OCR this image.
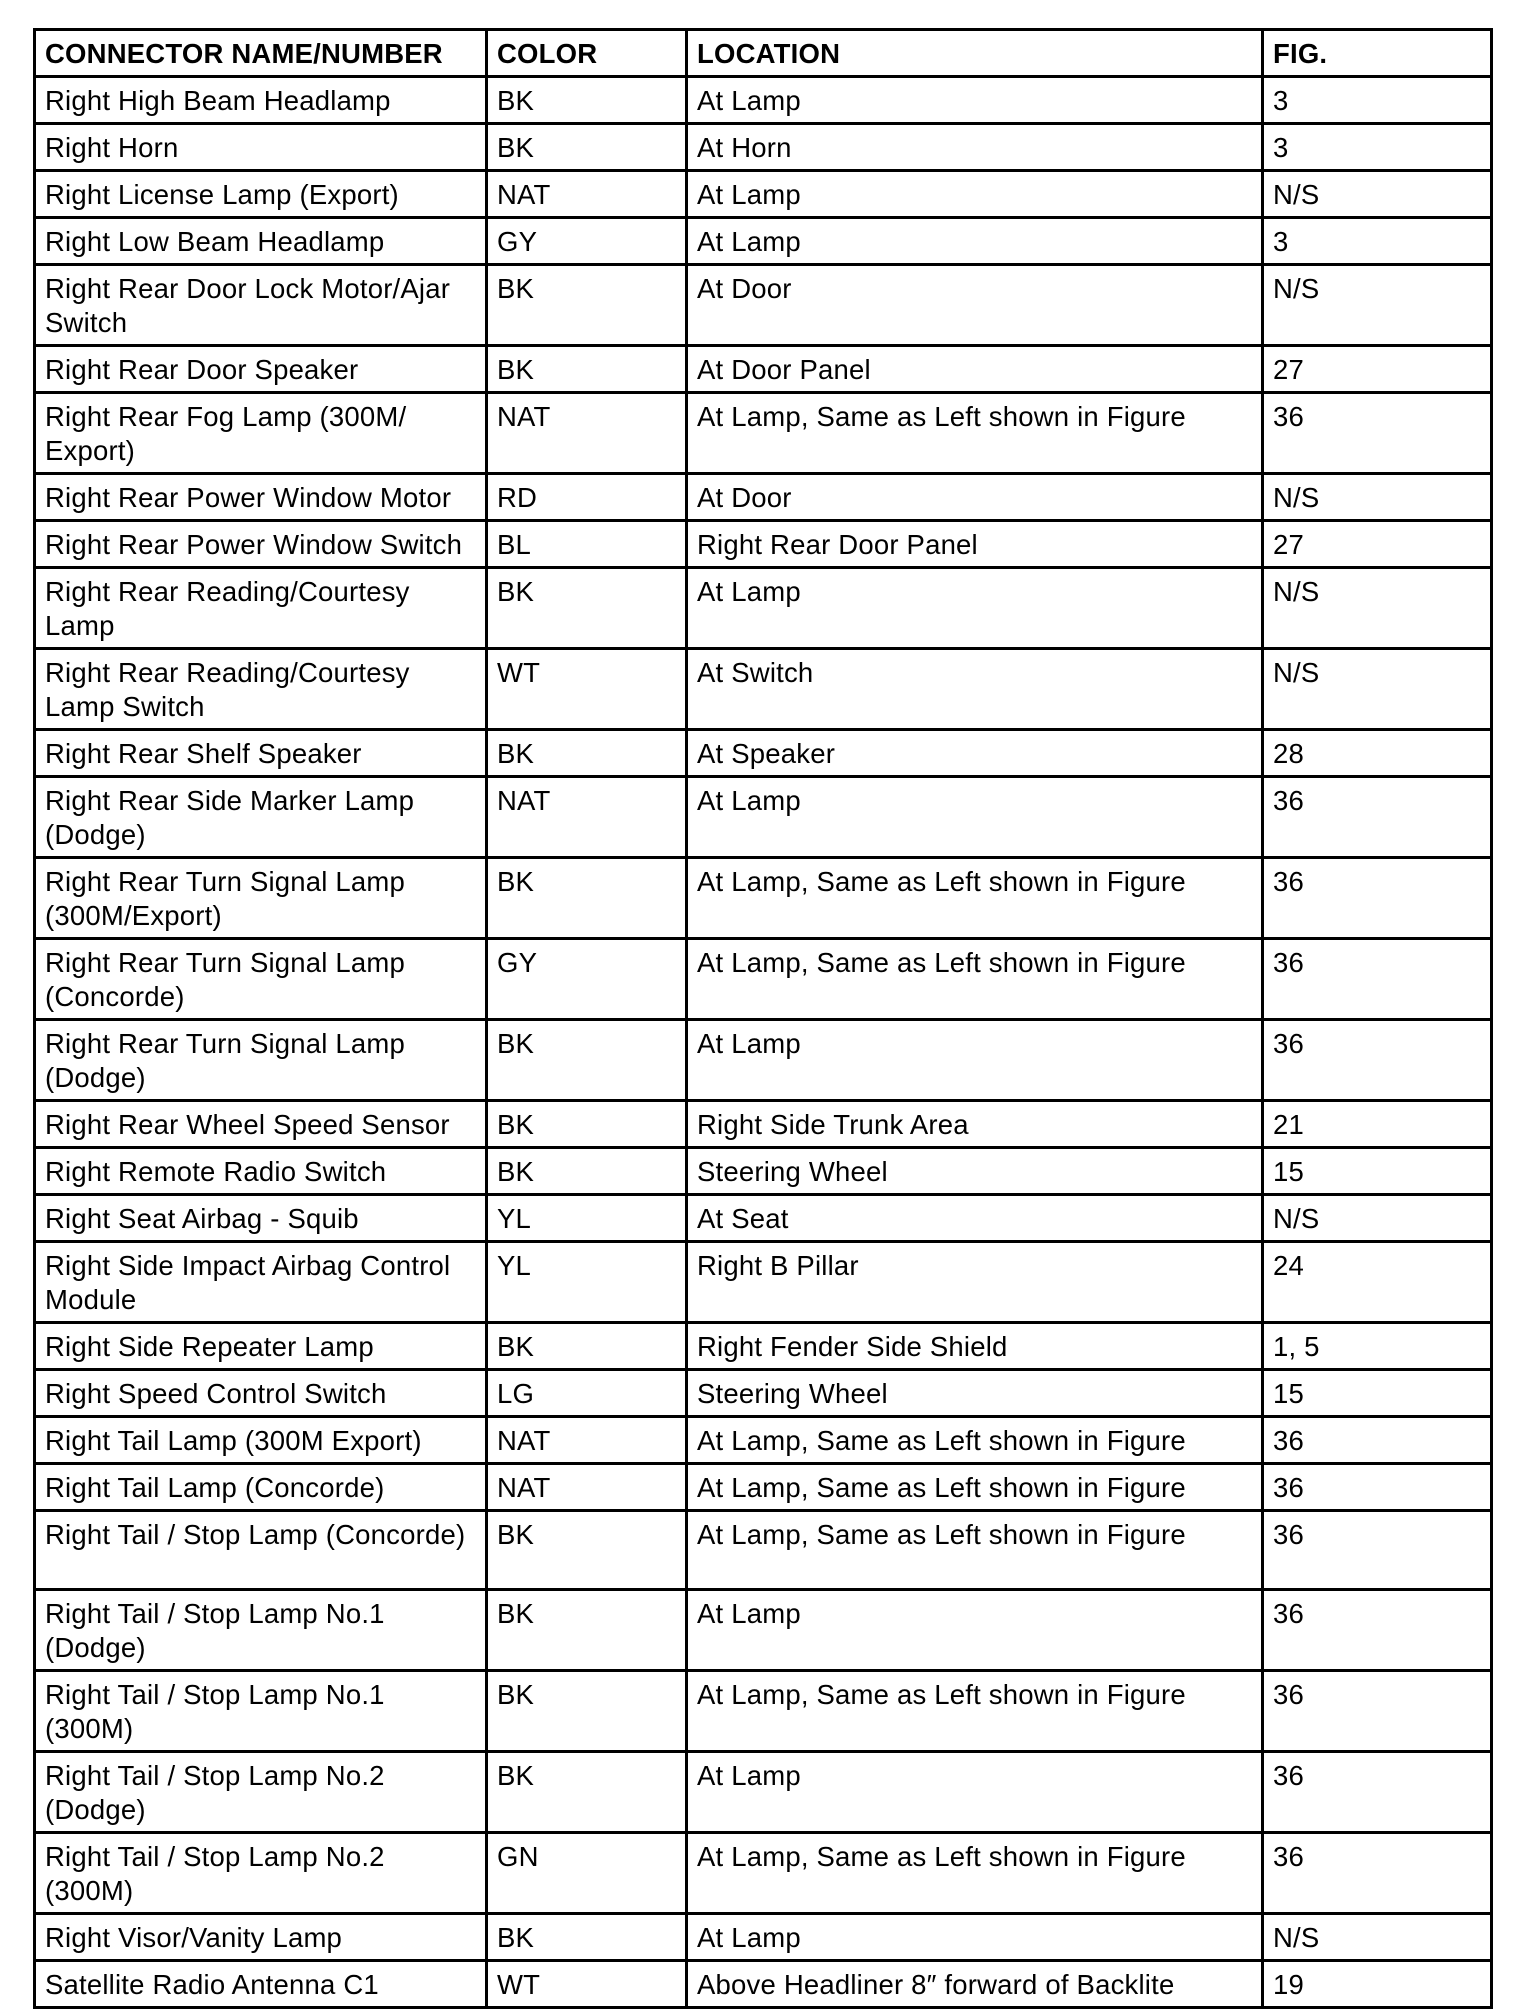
CONNECTOR NAME/NUMBER	COLOR	LOCATION	FIG.
Right High Beam Headlamp	BK	At Lamp	3
Right Horn	BK	At Horn	3
Right License Lamp (Export)	NAT	At Lamp	N/S
Right Low Beam Headlamp	GY	At Lamp	3
Right Rear Door Lock Motor/Ajar Switch	BK	At Door	N/S
Right Rear Door Speaker	BK	At Door Panel	27
Right Rear Fog Lamp (300M/ Export)	NAT	At Lamp, Same as Left shown in Figure	36
Right Rear Power Window Motor	RD	At Door	N/S
Right Rear Power Window Switch	BL	Right Rear Door Panel	27
Right Rear Reading/Courtesy Lamp	BK	At Lamp	N/S
Right Rear Reading/Courtesy Lamp Switch	WT	At Switch	N/S
Right Rear Shelf Speaker	BK	At Speaker	28
Right Rear Side Marker Lamp (Dodge)	NAT	At Lamp	36
Right Rear Turn Signal Lamp (300M/Export)	BK	At Lamp, Same as Left shown in Figure	36
Right Rear Turn Signal Lamp (Concorde)	GY	At Lamp, Same as Left shown in Figure	36
Right Rear Turn Signal Lamp (Dodge)	BK	At Lamp	36
Right Rear Wheel Speed Sensor	BK	Right Side Trunk Area	21
Right Remote Radio Switch	BK	Steering Wheel	15
Right Seat Airbag - Squib	YL	At Seat	N/S
Right Side Impact Airbag Control Module	YL	Right B Pillar	24
Right Side Repeater Lamp	BK	Right Fender Side Shield	1, 5
Right Speed Control Switch	LG	Steering Wheel	15
Right Tail Lamp (300M Export)	NAT	At Lamp, Same as Left shown in Figure	36
Right Tail Lamp (Concorde)	NAT	At Lamp, Same as Left shown in Figure	36
Right Tail / Stop Lamp (Concorde)	BK	At Lamp, Same as Left shown in Figure	36
Right Tail / Stop Lamp No.1 (Dodge)	BK	At Lamp	36
Right Tail / Stop Lamp No.1 (300M)	BK	At Lamp, Same as Left shown in Figure	36
Right Tail / Stop Lamp No.2 (Dodge)	BK	At Lamp	36
Right Tail / Stop Lamp No.2 (300M)	GN	At Lamp, Same as Left shown in Figure	36
Right Visor/Vanity Lamp	BK	At Lamp	N/S
Satellite Radio Antenna C1	WT	Above Headliner 8″ forward of Backlite	19
